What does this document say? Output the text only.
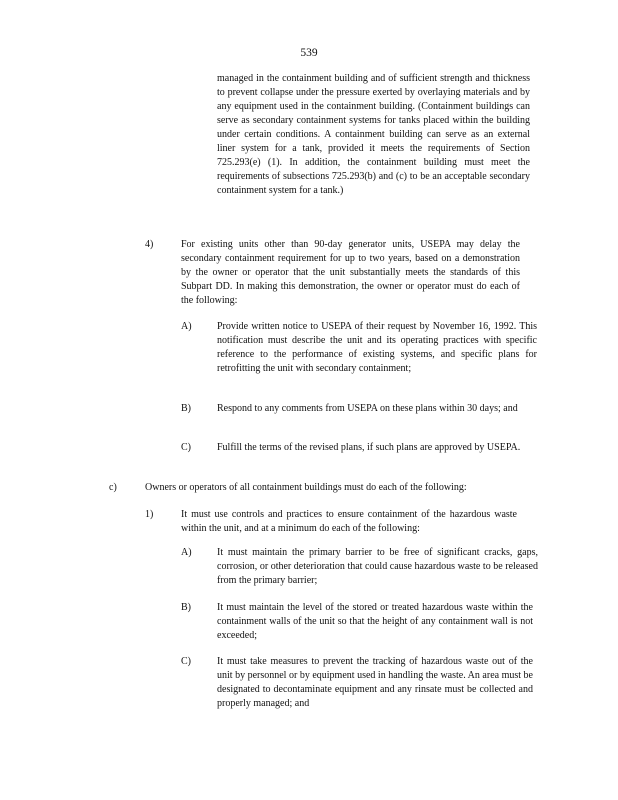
539
managed in the containment building and of sufficient strength and thickness to prevent collapse under the pressure exerted by overlaying materials and by any equipment used in the containment building. (Containment buildings can serve as secondary containment systems for tanks placed within the building under certain conditions. A containment building can serve as an external liner system for a tank, provided it meets the requirements of Section 725.293(e) (1). In addition, the containment building must meet the requirements of subsections 725.293(b) and (c) to be an acceptable secondary containment system for a tank.)
4)	For existing units other than 90-day generator units, USEPA may delay the secondary containment requirement for up to two years, based on a demonstration by the owner or operator that the unit substantially meets the standards of this Subpart DD. In making this demonstration, the owner or operator must do each of the following:
A)	Provide written notice to USEPA of their request by November 16, 1992. This notification must describe the unit and its operating practices with specific reference to the performance of existing systems, and specific plans for retrofitting the unit with secondary containment;
B)	Respond to any comments from USEPA on these plans within 30 days; and
C)	Fulfill the terms of the revised plans, if such plans are approved by USEPA.
c)	Owners or operators of all containment buildings must do each of the following:
1)	It must use controls and practices to ensure containment of the hazardous waste within the unit, and at a minimum do each of the following:
A)	It must maintain the primary barrier to be free of significant cracks, gaps, corrosion, or other deterioration that could cause hazardous waste to be released from the primary barrier;
B)	It must maintain the level of the stored or treated hazardous waste within the containment walls of the unit so that the height of any containment wall is not exceeded;
C)	It must take measures to prevent the tracking of hazardous waste out of the unit by personnel or by equipment used in handling the waste. An area must be designated to decontaminate equipment and any rinsate must be collected and properly managed; and
